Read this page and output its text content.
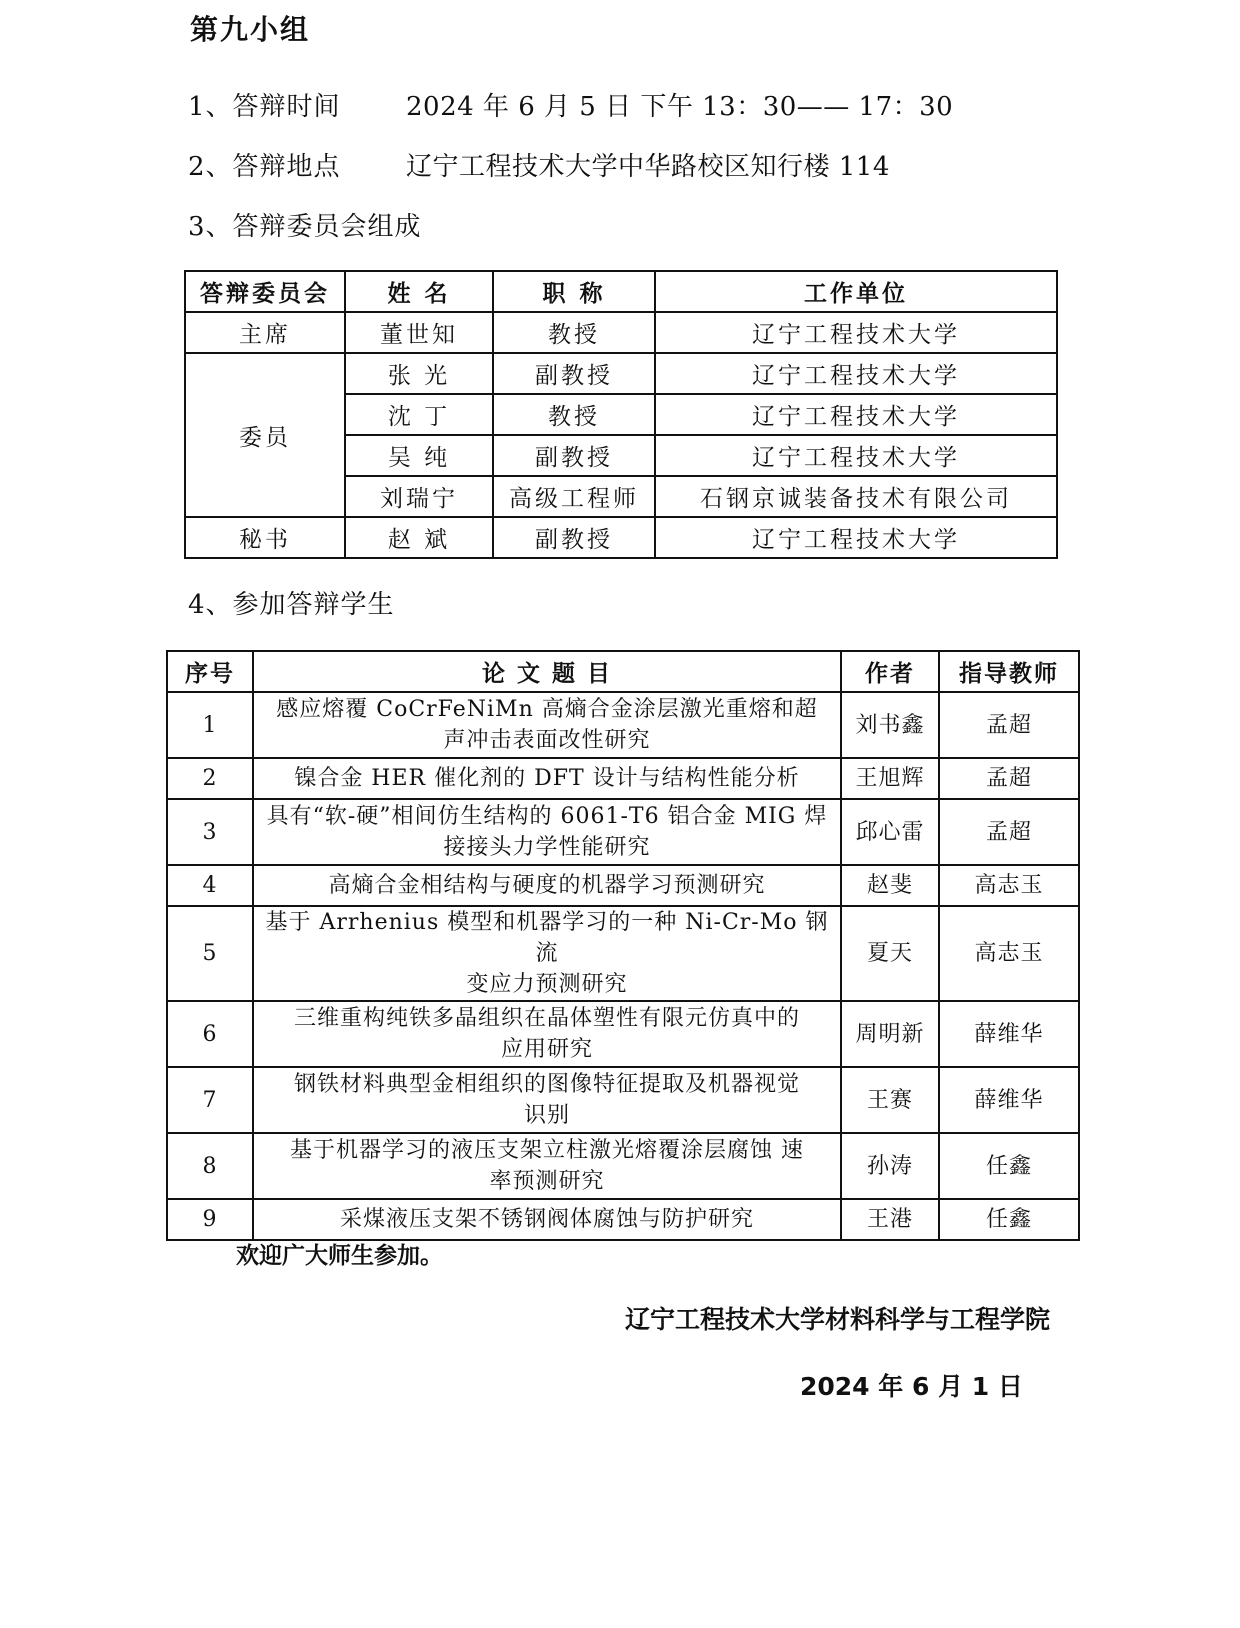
第九小组
1、答辩时间	2024 年 6 月 5 日 下午 13：30—— 17：30
2、答辩地点	辽宁工程技术大学中华路校区知行楼 114
3、答辩委员会组成
答辩委员会	姓 名	职 称	工作单位
主席	董世知	教授	辽宁工程技术大学
委员	张 光	副教授	辽宁工程技术大学
	沈 丁	教授	辽宁工程技术大学
	吴 纯	副教授	辽宁工程技术大学
	刘瑞宁	高级工程师	石钢京诚装备技术有限公司
秘书	赵 斌	副教授	辽宁工程技术大学
4、参加答辩学生
序号	论 文 题 目	作者	指导教师
1	感应熔覆 CoCrFeNiMn 高熵合金涂层激光重熔和超
声冲击表面改性研究	刘书鑫	孟超
2	镍合金 HER 催化剂的 DFT 设计与结构性能分析	王旭辉	孟超
3	具有“软-硬”相间仿生结构的 6061-T6 铝合金 MIG 焊
接接头力学性能研究	邱心雷	孟超
4	高熵合金相结构与硬度的机器学习预测研究	赵斐	高志玉
5	基于 Arrhenius 模型和机器学习的一种 Ni-Cr-Mo 钢流
变应力预测研究	夏天	高志玉
6	三维重构纯铁多晶组织在晶体塑性有限元仿真中的
应用研究	周明新	薛维华
7	钢铁材料典型金相组织的图像特征提取及机器视觉
识别	王赛	薛维华
8	基于机器学习的液压支架立柱激光熔覆涂层腐蚀 速
率预测研究	孙涛	任鑫
9	采煤液压支架不锈钢阀体腐蚀与防护研究	王港	任鑫
欢迎广大师生参加。
辽宁工程技术大学材料科学与工程学院
2024 年 6 月 1 日
